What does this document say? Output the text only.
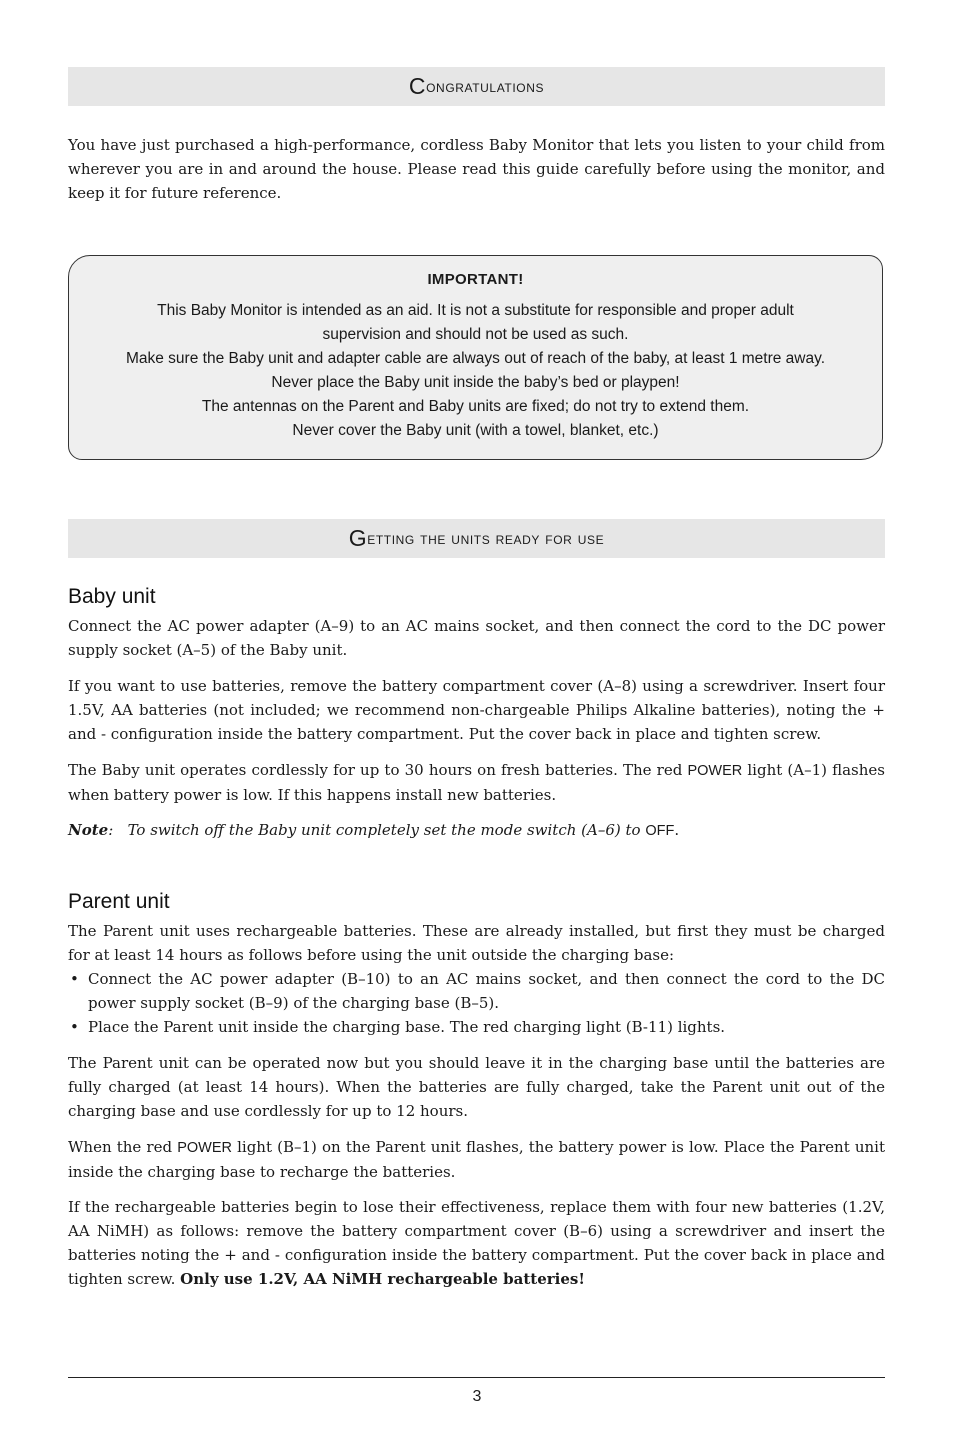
C ongratulations

You have just purchased a high-performance, cordless Baby Monitor that lets you listen to your child from wherever you are in and around the house. Please read this guide carefully before using the monitor, and keep it for future reference.

IMPORTANT!
This Baby Monitor is intended as an aid. It is not a substitute for responsible and proper adult
supervision and should not be used as such.
Make sure the Baby unit and adapter cable are always out of reach of the baby, at least 1 metre away.
Never place the Baby unit inside the baby’s bed or playpen!
The antennas on the Parent and Baby units are fixed; do not try to extend them.
Never cover the Baby unit (with a towel, blanket, etc.)
G etting the units ready for use
Baby unit

Connect the AC power adapter (A–9) to an AC mains socket, and then connect the cord to the DC power supply socket (A–5) of the Baby unit.

If you want to use batteries, remove the battery compartment cover (A–8) using a screwdriver. Insert four 1.5V, AA batteries (not included; we recommend non-chargeable Philips Alkaline batteries), noting the + and - configuration inside the battery compartment. Put the cover back in place and tighten screw.

The Baby unit operates cordlessly for up to 30 hours on fresh batteries. The red POWER light (A–1) flashes when battery power is low. If this happens install new batteries.

Note:   To switch off the Baby unit completely set the mode switch (A–6) to OFF.
Parent unit

The Parent unit uses rechargeable batteries. These are already installed, but first they must be charged for at least 14 hours as follows before using the unit outside the charging base:

• Connect the AC power adapter (B–10) to an AC mains socket, and then connect the cord to the DC power supply socket (B–9) of the charging base (B–5).
• Place the Parent unit inside the charging base. The red charging light (B-11) lights.

The Parent unit can be operated now but you should leave it in the charging base until the batteries are fully charged (at least 14 hours). When the batteries are fully charged, take the Parent unit out of the charging base and use cordlessly for up to 12 hours.

When the red POWER light (B–1) on the Parent unit flashes, the battery power is low. Place the Parent unit inside the charging base to recharge the batteries.

If the rechargeable batteries begin to lose their effectiveness, replace them with four new batteries (1.2V, AA NiMH) as follows: remove the battery compartment cover (B–6) using a screwdriver and insert the batteries noting the + and - configuration inside the battery compartment. Put the cover back in place and tighten screw. Only use 1.2V, AA NiMH rechargeable batteries!

3
